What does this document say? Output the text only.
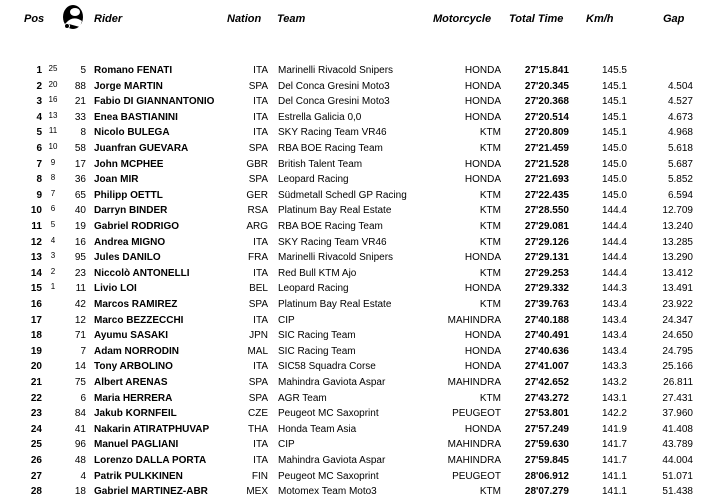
Pos	Rider	Nation Team	Motorcycle Total Time Km/h	Gap
1 25	5 Romano FENATI	ITA Marinelli Rivacold Snipers	HONDA	27'15.841	145.5
2 20	88 Jorge MARTIN	SPA Del Conca Gresini Moto3	HONDA	27'20.345	145.1	4.504
3 16	21 Fabio DI GIANNANTONIO	ITA Del Conca Gresini Moto3	HONDA	27'20.368	145.1	4.527
4 13	33 Enea BASTIANINI	ITA Estrella Galicia 0,0	HONDA	27'20.514	145.1	4.673
5 11	8 Nicolo BULEGA	ITA SKY Racing Team VR46	KTM	27'20.809	145.1	4.968
6 10	58 Juanfran GUEVARA	SPA RBA BOE Racing Team	KTM	27'21.459	145.0	5.618
7	9	17 John MCPHEE	GBR British Talent Team	HONDA	27'21.528	145.0	5.687
8	8	36 Joan MIR	SPA Leopard Racing	HONDA	27'21.693	145.0	5.852
9	7	65 Philipp OETTL	GER Südmetall Schedl GP Racing	KTM	27'22.435	145.0	6.594
10	6	40 Darryn BINDER	RSA Platinum Bay Real Estate	KTM	27'28.550	144.4	12.709
11	5	19 Gabriel RODRIGO	ARG RBA BOE Racing Team	KTM	27'29.081	144.4	13.240
12	4	16 Andrea MIGNO	ITA SKY Racing Team VR46	KTM	27'29.126	144.4	13.285
13	3	95 Jules DANILO	FRA Marinelli Rivacold Snipers	HONDA	27'29.131	144.4	13.290
14	2	23 Niccolò ANTONELLI	ITA Red Bull KTM Ajo	KTM	27'29.253	144.4	13.412
15	1	11 Livio LOI	BEL Leopard Racing	HONDA	27'29.332	144.3	13.491
16	42 Marcos RAMIREZ	SPA Platinum Bay Real Estate	KTM	27'39.763	143.4	23.922
17	12 Marco BEZZECCHI	ITA CIP	MAHINDRA	27'40.188	143.4	24.347
18	71 Ayumu SASAKI	JPN SIC Racing Team	HONDA	27'40.491	143.4	24.650
19	7 Adam NORRODIN	MAL SIC Racing Team	HONDA	27'40.636	143.4	24.795
20	14 Tony ARBOLINO	ITA SIC58 Squadra Corse	HONDA	27'41.007	143.3	25.166
21	75 Albert ARENAS	SPA Mahindra Gaviota Aspar	MAHINDRA	27'42.652	143.2	26.811
22	6 Maria HERRERA	SPA AGR Team	KTM	27'43.272	143.1	27.431
23	84 Jakub KORNFEIL	CZE Peugeot MC Saxoprint	PEUGEOT	27'53.801	142.2	37.960
24	41 Nakarin ATIRATPHUVAP	THA Honda Team Asia	HONDA	27'57.249	141.9	41.408
25	96 Manuel PAGLIANI	ITA CIP	MAHINDRA	27'59.630	141.7	43.789
26	48 Lorenzo DALLA PORTA	ITA Mahindra Gaviota Aspar	MAHINDRA	27'59.845	141.7	44.004
27	4 Patrik PULKKINEN	FIN Peugeot MC Saxoprint	PEUGEOT	28'06.912	141.1	51.071
28	18 Gabriel MARTINEZ-ABR	MEX Motomex Team Moto3	KTM	28'07.279	141.1	51.438
